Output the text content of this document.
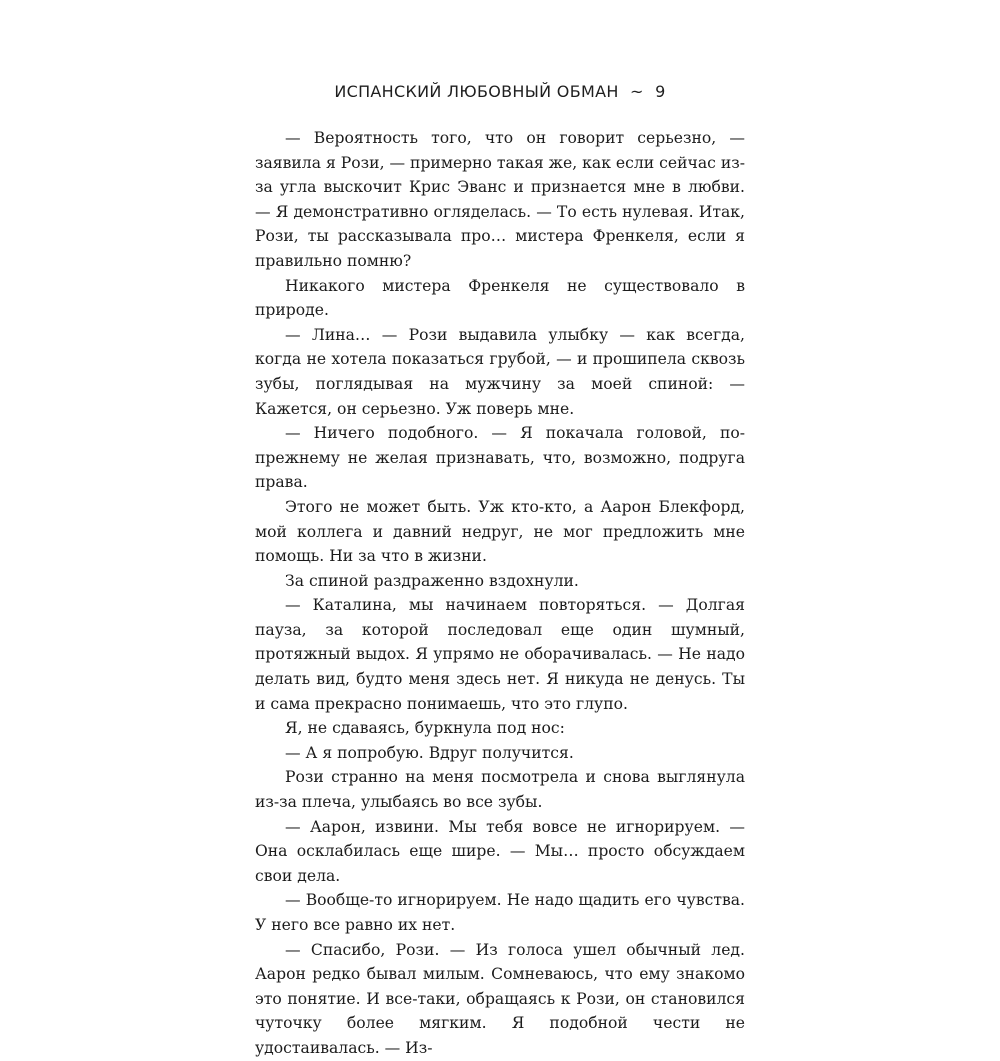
ИСПАНСКИЙ ЛЮБОВНЫЙ ОБМАН ~ 9

— Вероятность того, что он говорит серьезно, — заявила я Рози, — примерно такая же, как если сейчас из-за угла выскочит Крис Эванс и признается мне в любви. — Я демонстративно огляделась. — То есть нулевая. Итак, Рози, ты рассказывала про… мистера Френкеля, если я правильно помню?

Никакого мистера Френкеля не существовало в природе.

— Лина… — Рози выдавила улыбку — как всегда, когда не хотела показаться грубой, — и прошипела сквозь зубы, поглядывая на мужчину за моей спиной: — Кажется, он серьезно. Уж поверь мне.

— Ничего подобного. — Я покачала головой, по-прежнему не желая признавать, что, возможно, подруга права.

Этого не может быть. Уж кто-кто, а Аарон Блекфорд, мой коллега и давний недруг, не мог предложить мне помощь. Ни за что в жизни.

За спиной раздраженно вздохнули.

— Каталина, мы начинаем повторяться. — Долгая пауза, за которой последовал еще один шумный, протяжный выдох. Я упрямо не оборачивалась. — Не надо делать вид, будто меня здесь нет. Я никуда не денусь. Ты и сама прекрасно понимаешь, что это глупо.

Я, не сдаваясь, буркнула под нос:

— А я попробую. Вдруг получится.

Рози странно на меня посмотрела и снова выглянула из-за плеча, улыбаясь во все зубы.

— Аарон, извини. Мы тебя вовсе не игнорируем. — Она осклабилась еще шире. — Мы… просто обсуждаем свои дела.

— Вообще-то игнорируем. Не надо щадить его чувства. У него все равно их нет.

— Спасибо, Рози. — Из голоса ушел обычный лед. Аарон редко бывал милым. Сомневаюсь, что ему знакомо это понятие. И все-таки, обращаясь к Рози, он становился чуточку более мягким. Я подобной чести не удостаивалась. — Из-
